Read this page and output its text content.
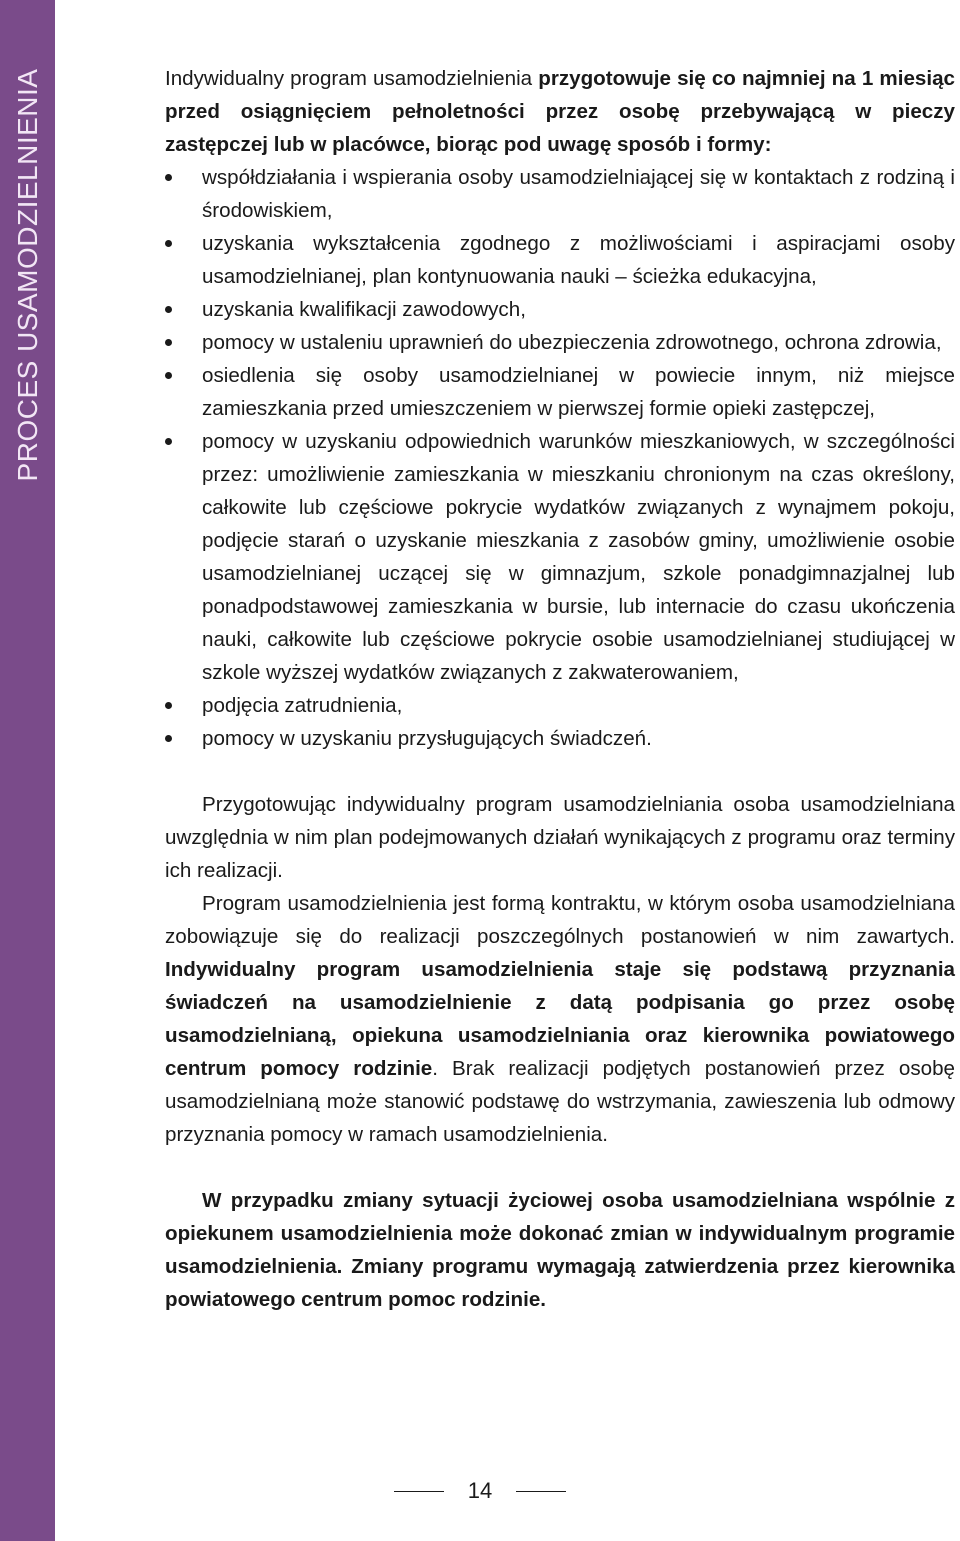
PROCES USAMODZIELNIENIA	Indywidualny program usamodzielnienia przygotowuje się co najmniej na 1 miesiąc przed osiągnięciem pełnoletności przez osobę przebywającą w pieczy zastępczej lub w placówce, biorąc pod uwagę sposób i formy:

współdziałania i wspierania osoby usamodzielniającej się w kontaktach z rodziną i środowiskiem,
uzyskania wykształcenia zgodnego z możliwościami i aspiracjami osoby usamodzielnianej, plan kontynuowania nauki – ścieżka edukacyjna,
uzyskania kwalifikacji zawodowych,
pomocy w ustaleniu uprawnień do ubezpieczenia zdrowotnego, ochrona zdrowia,
osiedlenia się osoby usamodzielnianej w powiecie innym, niż miejsce zamieszkania przed umieszczeniem w pierwszej formie opieki zastępczej,
pomocy w uzyskaniu odpowiednich warunków mieszkaniowych, w szczególności przez: umożliwienie zamieszkania w mieszkaniu chronionym na czas określony, całkowite lub częściowe pokrycie wydatków związanych z wynajmem pokoju, podjęcie starań o uzyskanie mieszkania z zasobów gminy, umożliwienie osobie usamodzielnianej uczącej się w gimnazjum, szkole ponadgimnazjalnej lub ponadpodstawowej zamieszkania w bursie, lub internacie do czasu ukończenia nauki, całkowite lub częściowe pokrycie osobie usamodzielnianej studiującej w szkole wyższej wydatków związanych z zakwaterowaniem,
podjęcia zatrudnienia,
pomocy w uzyskaniu przysługujących świadczeń.

Przygotowując indywidualny program usamodzielniania osoba usamodzielniana uwzględnia w nim plan podejmowanych działań wynikających z programu oraz terminy ich realizacji.

Program usamodzielnienia jest formą kontraktu, w którym osoba usamodzielniana zobowiązuje się do realizacji poszczególnych postanowień w nim zawartych. Indywidualny program usamodzielnienia staje się podstawą przyznania świadczeń na usamodzielnienie z datą podpisania go przez osobę usamodzielnianą, opiekuna usamodzielniania oraz kierownika powiatowego centrum pomocy rodzinie. Brak realizacji podjętych postanowień przez osobę usamodzielnianą może stanowić podstawę do wstrzymania, zawieszenia lub odmowy przyznania pomocy w ramach usamodzielnienia.

W przypadku zmiany sytuacji życiowej osoba usamodzielniana wspólnie z opiekunem usamodzielnienia może dokonać zmian w indywidualnym programie usamodzielnienia. Zmiany programu wymagają zatwierdzenia przez kierownika powiatowego centrum pomoc rodzinie.

14
